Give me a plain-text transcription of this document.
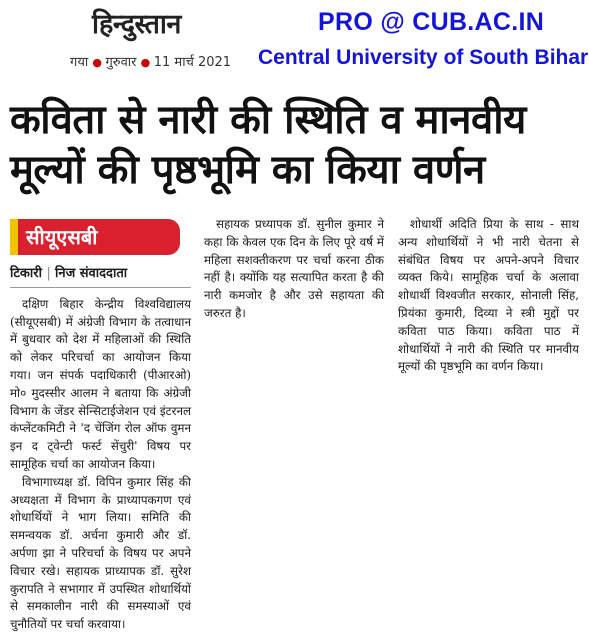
हिन्दुस्तान
गया ● गुरुवार ● 11 मार्च 2021
PRO @ CUB.AC.IN
Central University of South Bihar
कविता से नारी की स्थिति व मानवीय मूल्यों की पृष्ठभूमि का किया वर्णन
सीयूएसबी
टिकारी | निज संवाददाता

दक्षिण बिहार केन्द्रीय विश्वविद्यालय (सीयूएसबी) में अंग्रेजी विभाग के तत्वाधान में बुधवार को देश में महिलाओं की स्थिति को लेकर परिचर्चा का आयोजन किया गया। जन संपर्क पदाधिकारी (पीआरओ) मो० मुदस्सीर आलम ने बताया कि अंग्रेजी विभाग के जेंडर सेन्सिटाईजेशन एवं इंटरनल कंप्लेंटकमिटी ने 'द चेंजिंग रोल ऑफ वुमन इन द ट्वेन्टी फर्स्ट सेंचुरी' विषय पर सामूहिक चर्चा का आयोजन किया।

विभागाध्यक्ष डॉ. विपिन कुमार सिंह की अध्यक्षता में विभाग के प्राध्यापकगण एवं शोधार्थियों ने भाग लिया। समिति की समन्वयक डॉ. अर्चना कुमारी और डॉ. अर्पणा झा ने परिचर्चा के विषय पर अपने विचार रखे। सहायक प्राध्यापक डॉ. सुरेश कुरापति ने सभागार में उपस्थित शोधार्थियों से समकालीन नारी की समस्याओं एवं चुनौतियों पर चर्चा करवाया।

सहायक प्रध्यापक डॉ. सुनील कुमार ने कहा कि केवल एक दिन के लिए पूरे वर्ष में महिला सशक्तीकरण पर चर्चा करना ठीक नहीं है। क्योंकि यह सत्यापित करता है की नारी कमजोर है और उसे सहायता की जरुरत है।

शोधार्थी अदिति प्रिया के साथ - साथ अन्य शोधार्थियों ने भी नारी चेतना से संबंधित विषय पर अपने-अपने विचार व्यक्त किये। सामूहिक चर्चा के अलावा शोधार्थी विश्वजीत सरकार, सोनाली सिंह, प्रियंका कुमारी, दिव्या ने स्त्री मुद्दों पर कविता पाठ किया। कविता पाठ में शोधार्थियों ने नारी की स्थिति पर मानवीय मूल्यों की पृष्ठभूमि का वर्णन किया।
